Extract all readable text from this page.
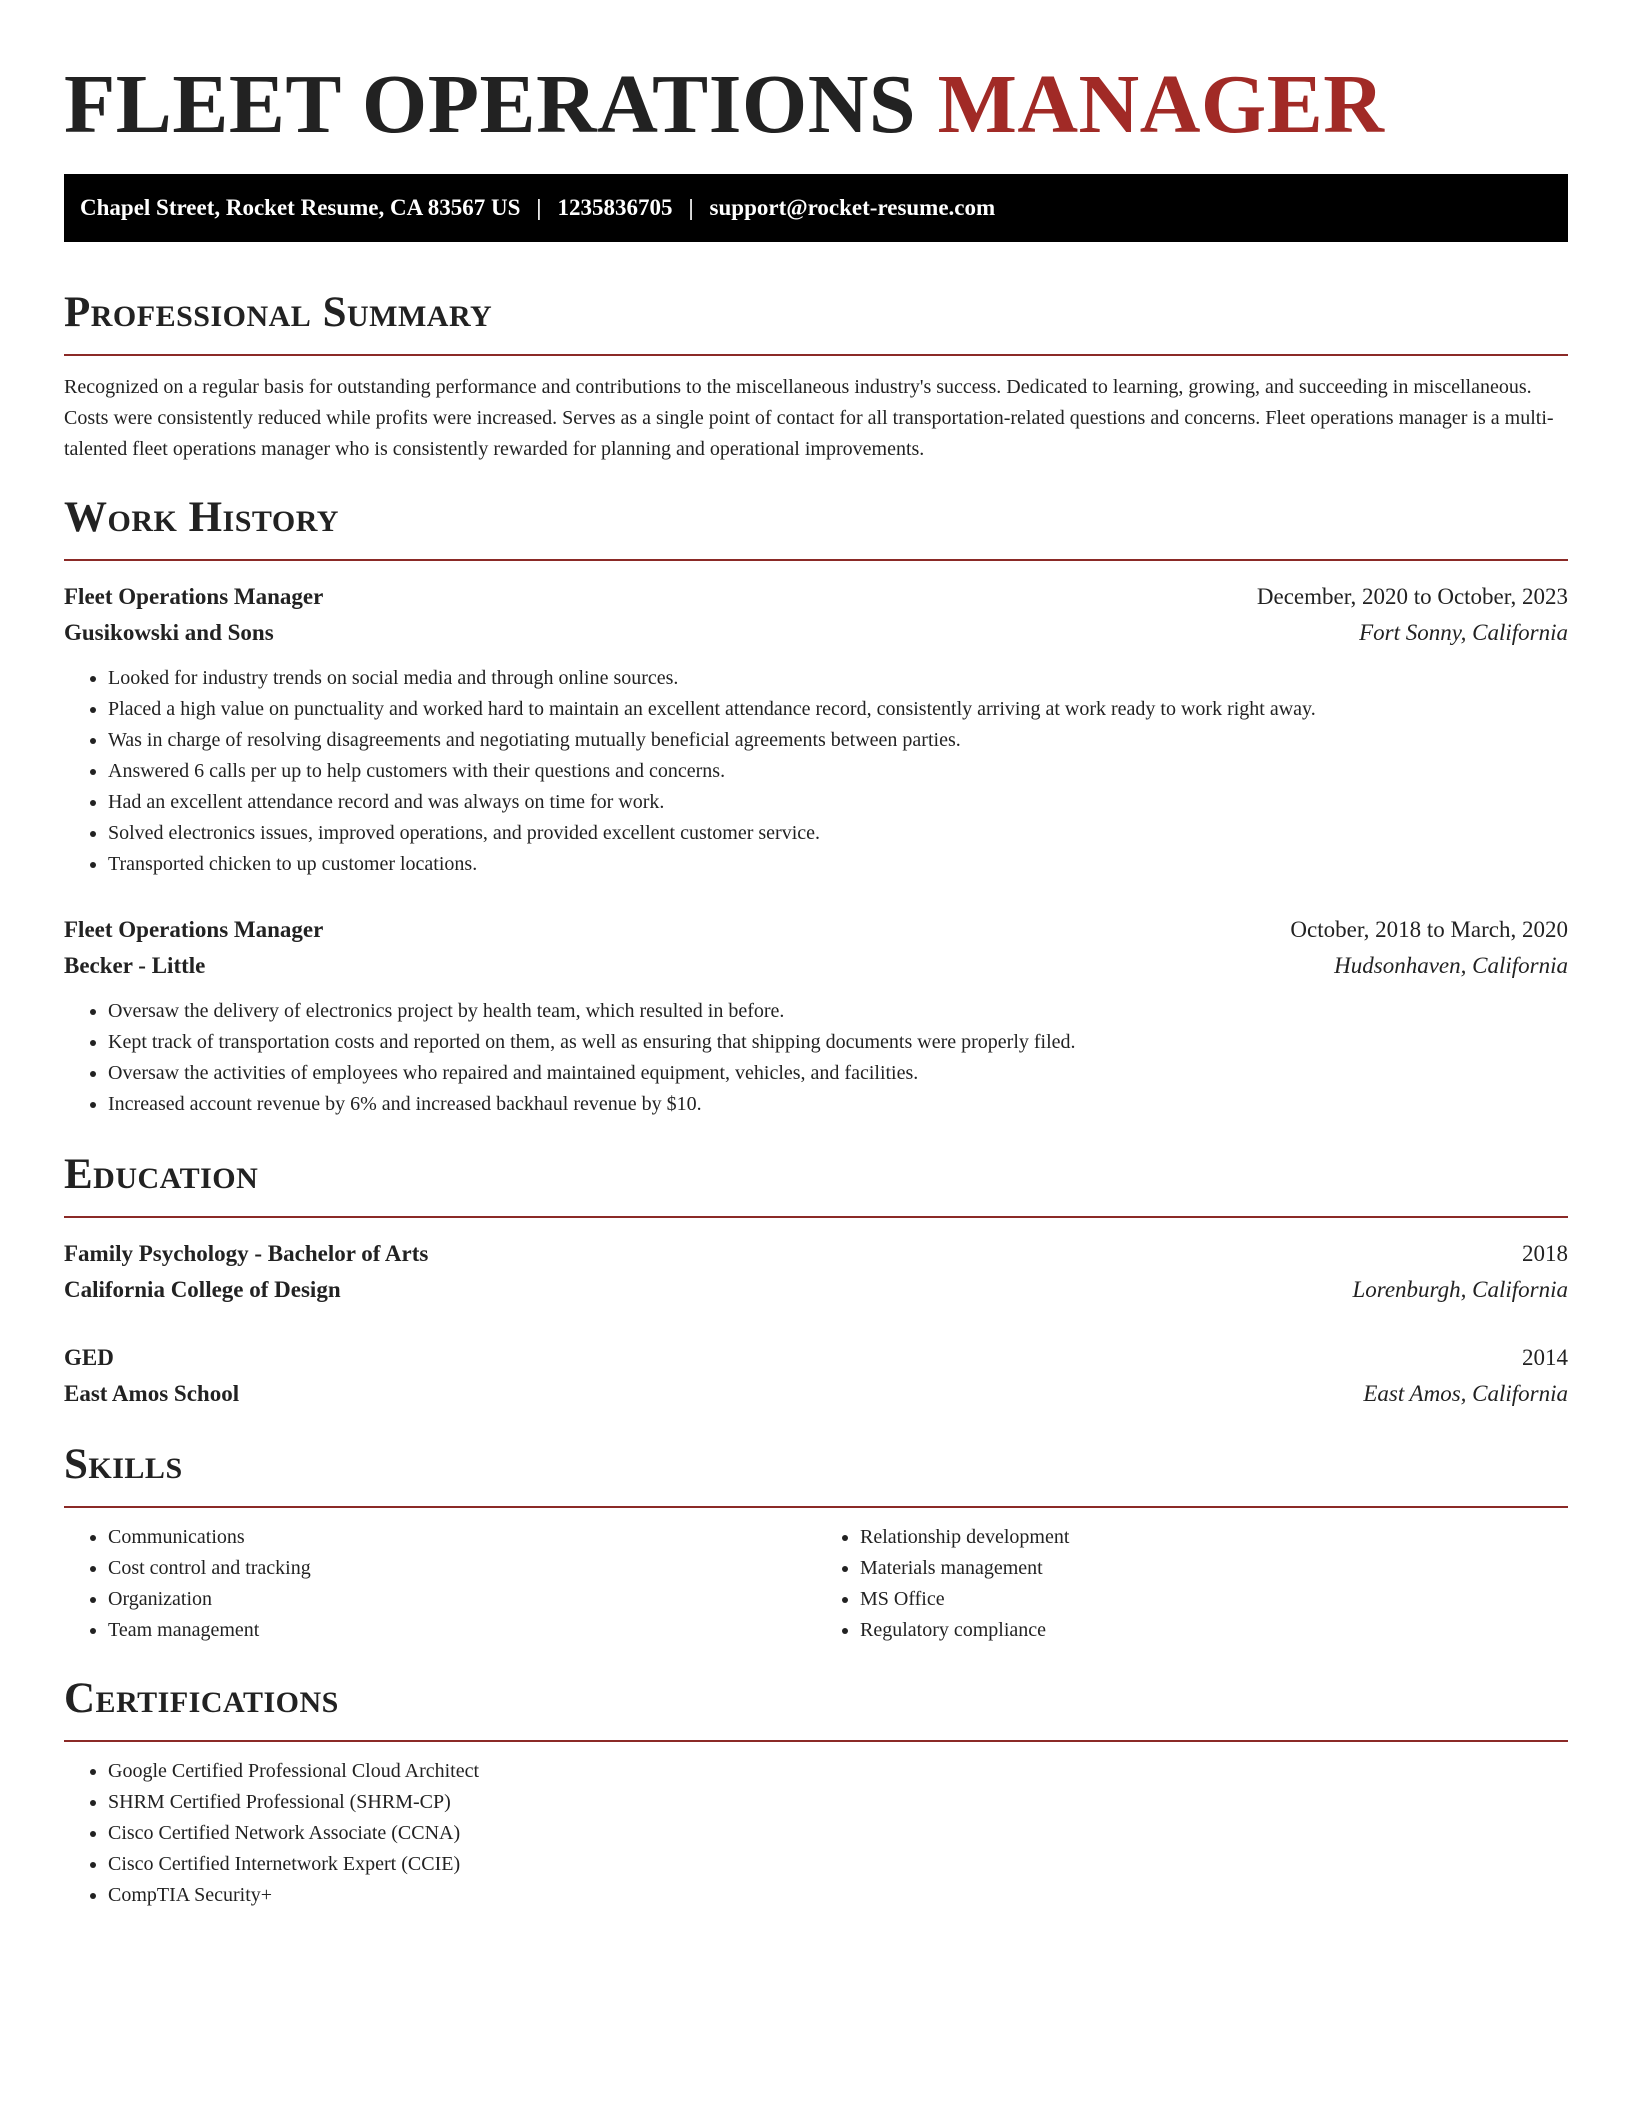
FLEET OPERATIONS MANAGER
Chapel Street, Rocket Resume, CA 83567 US | 1235836705 | support@rocket-resume.com
Professional Summary

Recognized on a regular basis for outstanding performance and contributions to the miscellaneous industry's success. Dedicated to learning, growing, and succeeding in miscellaneous. Costs were consistently reduced while profits were increased. Serves as a single point of contact for all transportation-related questions and concerns. Fleet operations manager is a multi-talented fleet operations manager who is consistently rewarded for planning and operational improvements.

Work History
Fleet Operations Manager	December, 2020 to October, 2023
Gusikowski and Sons	Fort Sonny, California
• Looked for industry trends on social media and through online sources.
• Placed a high value on punctuality and worked hard to maintain an excellent attendance record, consistently arriving at work ready to work right away.
• Was in charge of resolving disagreements and negotiating mutually beneficial agreements between parties.
• Answered 6 calls per up to help customers with their questions and concerns.
• Had an excellent attendance record and was always on time for work.
• Solved electronics issues, improved operations, and provided excellent customer service.
• Transported chicken to up customer locations.
Fleet Operations Manager	October, 2018 to March, 2020
Becker - Little	Hudsonhaven, California
• Oversaw the delivery of electronics project by health team, which resulted in before.
• Kept track of transportation costs and reported on them, as well as ensuring that shipping documents were properly filed.
• Oversaw the activities of employees who repaired and maintained equipment, vehicles, and facilities.
• Increased account revenue by 6% and increased backhaul revenue by $10.
Education
Family Psychology - Bachelor of Arts	2018
California College of Design	Lorenburgh, California
GED	2014
East Amos School	East Amos, California
Skills
• Communications
• Cost control and tracking
• Organization
• Team management
• Relationship development
• Materials management
• MS Office
• Regulatory compliance
Certifications
• Google Certified Professional Cloud Architect
• SHRM Certified Professional (SHRM-CP)
• Cisco Certified Network Associate (CCNA)
• Cisco Certified Internetwork Expert (CCIE)
• CompTIA Security+
